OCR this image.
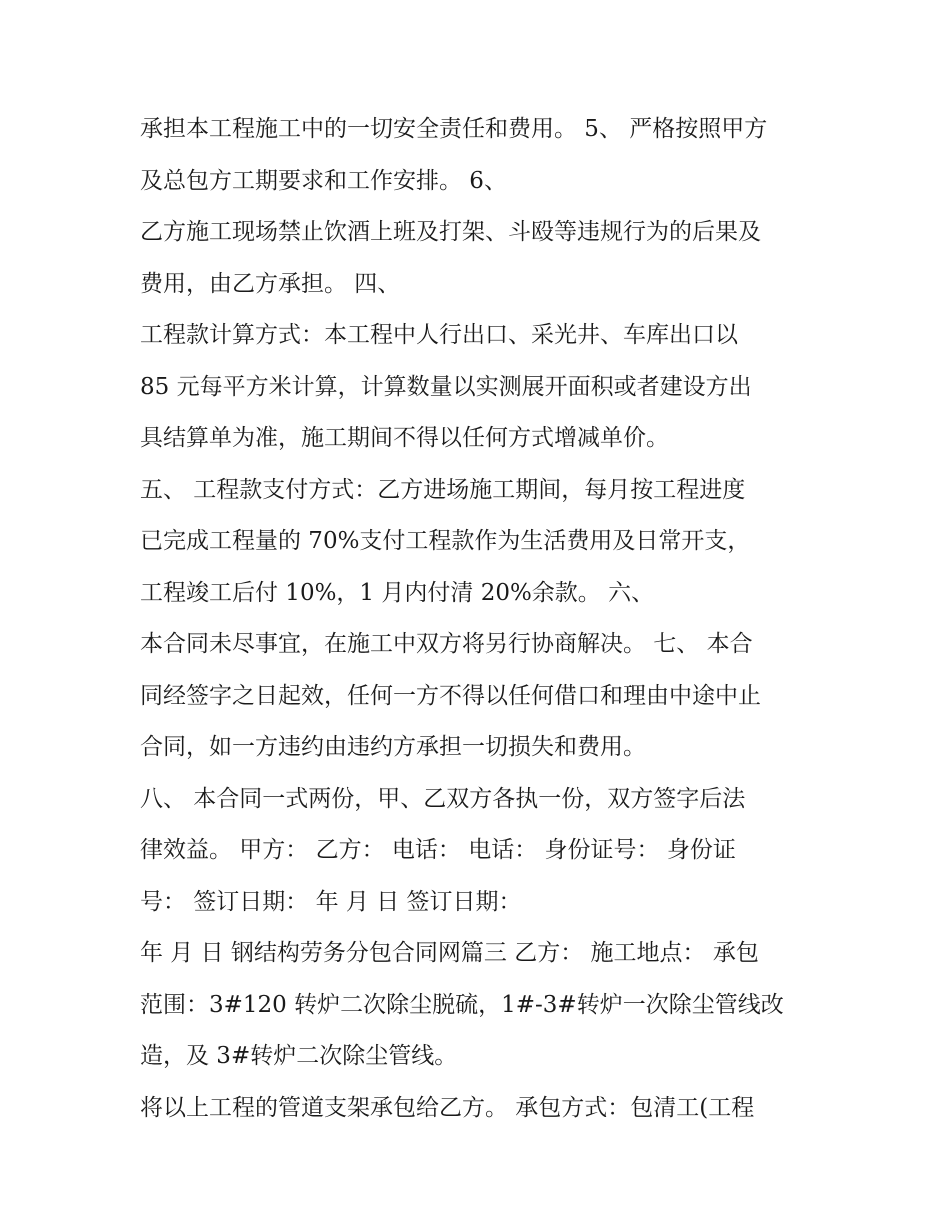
承担本工程施工中的一切安全责任和费用。 5、 严格按照甲方
及总包方工期要求和工作安排。 6、
乙方施工现场禁止饮酒上班及打架、斗殴等违规行为的后果及
费用，由乙方承担。 四、
工程款计算方式：本工程中人行出口、采光井、车库出口以
85 元每平方米计算，计算数量以实测展开面积或者建设方出
具结算单为准，施工期间不得以任何方式增减单价。
五、 工程款支付方式：乙方进场施工期间，每月按工程进度
已完成工程量的 70%支付工程款作为生活费用及日常开支，
工程竣工后付 10%，1 月内付清 20%余款。 六、
本合同未尽事宜，在施工中双方将另行协商解决。 七、 本合
同经签字之日起效，任何一方不得以任何借口和理由中途中止
合同，如一方违约由违约方承担一切损失和费用。
八、 本合同一式两份，甲、乙双方各执一份，双方签字后法
律效益。 甲方： 乙方： 电话： 电话： 身份证号： 身份证
号： 签订日期： 年 月 日 签订日期：
年 月 日 钢结构劳务分包合同网篇三 乙方： 施工地点： 承包
范围：3#120 转炉二次除尘脱硫，1#-3#转炉一次除尘管线改
造，及 3#转炉二次除尘管线。
将以上工程的管道支架承包给乙方。 承包方式：包清工(工程
